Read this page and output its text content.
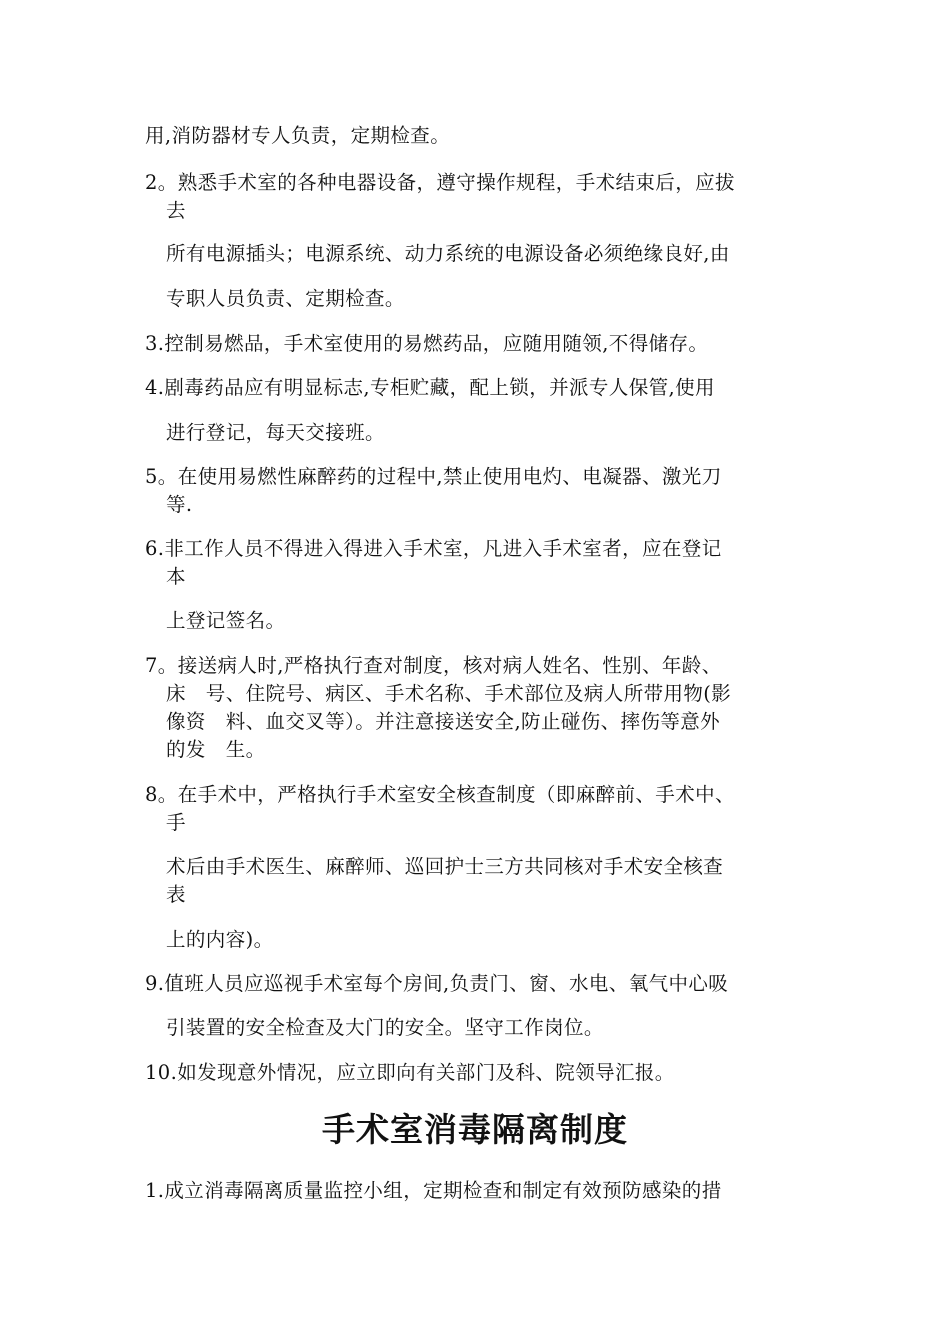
用,消防器材专人负责，定期检查。
2。熟悉手术室的各种电器设备，遵守操作规程，手术结束后，应拔
去
所有电源插头；电源系统、动力系统的电源设备必须绝缘良好,由
专职人员负责、定期检查。
3.控制易燃品，手术室使用的易燃药品，应随用随领,不得储存。
4.剧毒药品应有明显标志,专柜贮藏，配上锁，并派专人保管,使用
进行登记，每天交接班。
5。在使用易燃性麻醉药的过程中,禁止使用电灼、电凝器、激光刀
等.
6.非工作人员不得进入得进入手术室，凡进入手术室者，应在登记
本
上登记签名。
7。接送病人时,严格执行查对制度，核对病人姓名、性别、年龄、
床　号、住院号、病区、手术名称、手术部位及病人所带用物(影
像资　料、血交叉等）。并注意接送安全,防止碰伤、摔伤等意外
的发　生。
8。在手术中，严格执行手术室安全核查制度（即麻醉前、手术中、
手
术后由手术医生、麻醉师、巡回护士三方共同核对手术安全核查
表
上的内容)。
9.值班人员应巡视手术室每个房间,负责门、窗、水电、氧气中心吸
引装置的安全检查及大门的安全。坚守工作岗位。
10.如发现意外情况，应立即向有关部门及科、院领导汇报。
手术室消毒隔离制度
1.成立消毒隔离质量监控小组，定期检查和制定有效预防感染的措
